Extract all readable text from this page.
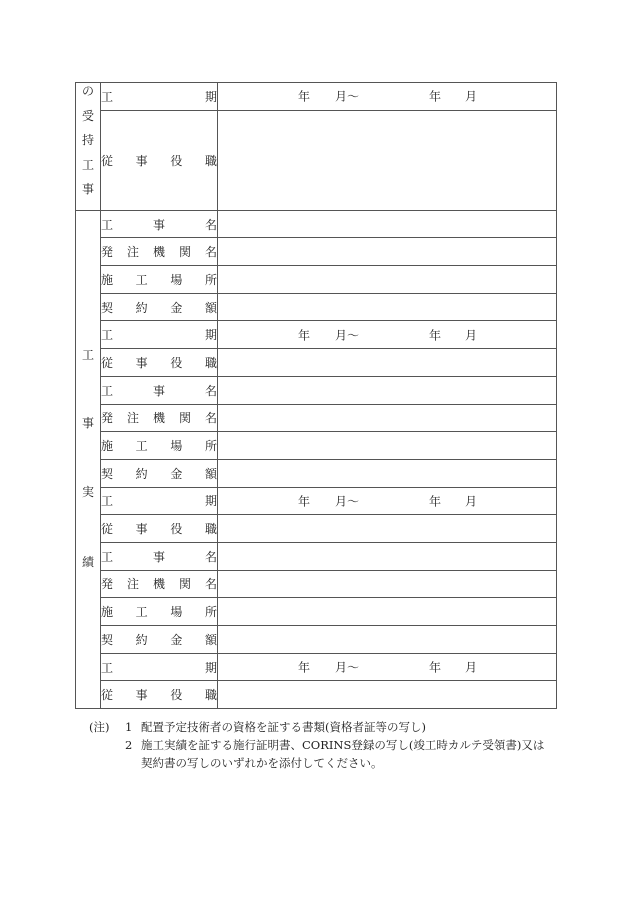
の
受
持
工
事	工　　　期	年 月〜 年 月

	従 事 役 職	

工
事
実
績	工　 事　 名	
	発注機関名	
	施 工 場 所	
	契 約 金 額	
	工　　　期	年 月〜 年 月

	従 事 役 職	
	工　 事　 名	
	発注機関名	
	施 工 場 所	
	契 約 金 額	
	工　　　期	年 月〜 年 月

	従 事 役 職	
	工　 事　 名	
	発注機関名	
	施 工 場 所	
	契 約 金 額	
	工　　　期	年 月〜 年 月

	従 事 役 職	
(注)	1 配置予定技術者の資格を証する書類(資格者証等の写し)
2 施工実績を証する施行証明書、CORINS登録の写し(竣工時カルテ受領書)又は
契約書の写しのいずれかを添付してください。
